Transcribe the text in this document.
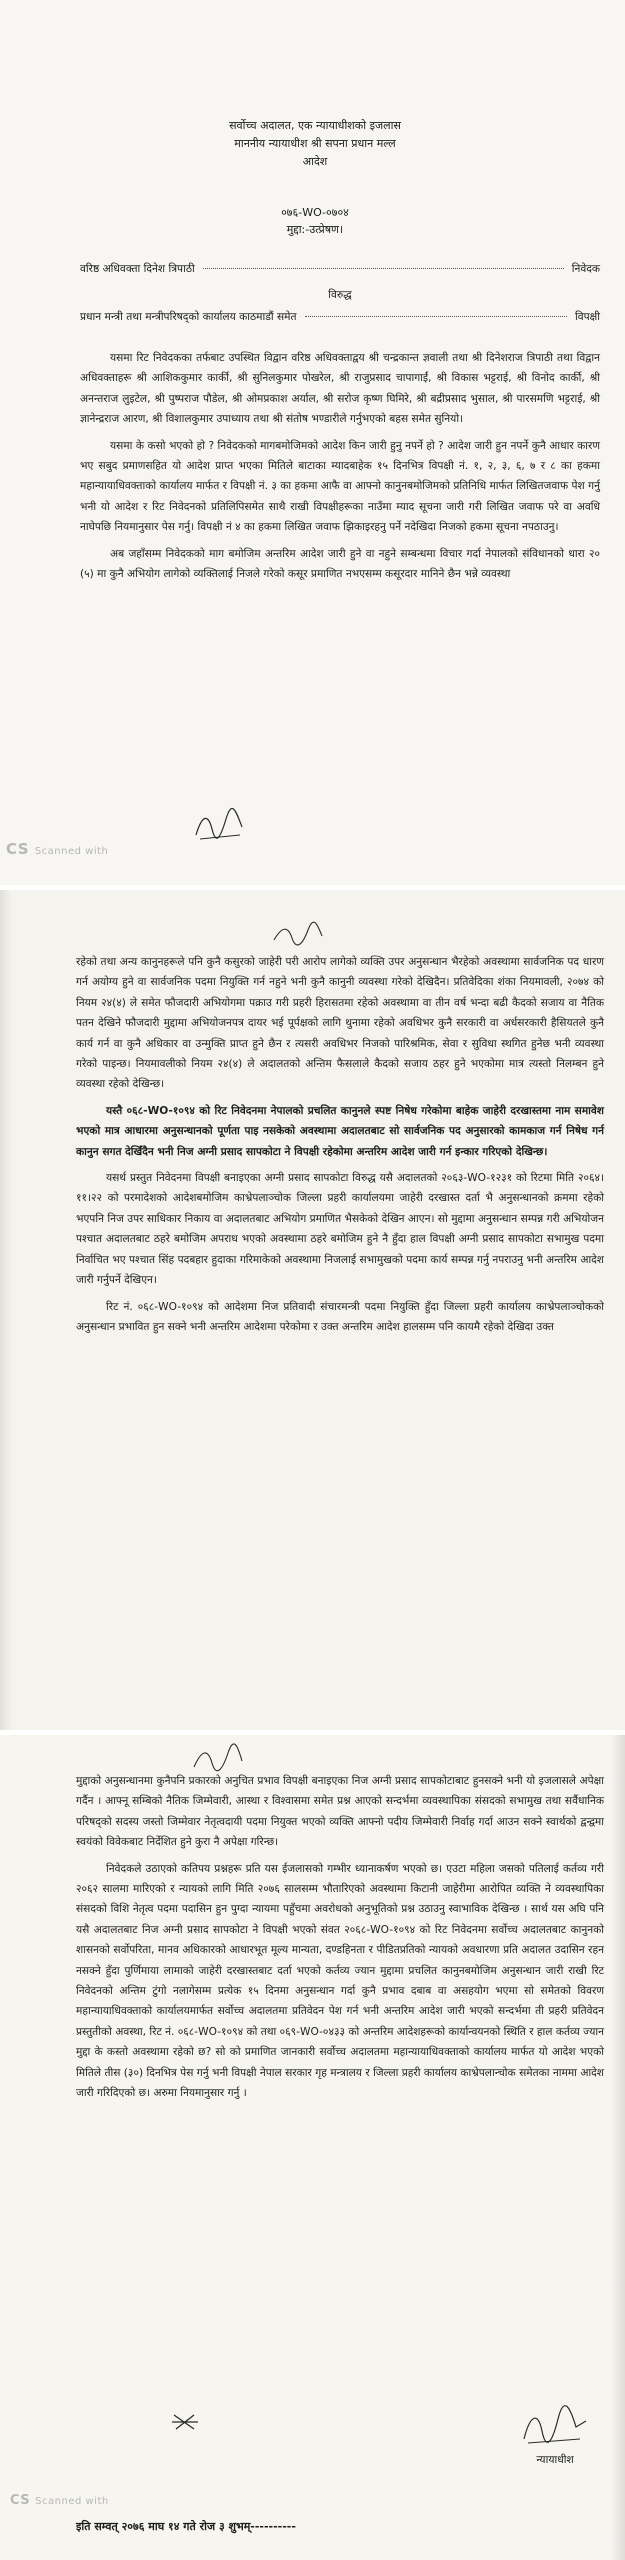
सर्वोच्च अदालत, एक न्यायाधीशको इजलास

माननीय न्यायाधीश श्री सपना प्रधान मल्ल

आदेश

०७६-WO-०७०४

मुद्दा:-उत्प्रेषण।

वरिष्ठ अधिवक्ता दिनेश त्रिपाठी	निवेदक
विरुद्ध
प्रधान मन्त्री तथा मन्त्रीपरिषद्को कार्यालय काठमाडौं समेत	विपक्षी

यसमा रिट निवेदकका तर्फबाट उपस्थित विद्वान वरिष्ठ अधिवक्ताद्वय श्री चन्द्रकान्त ज्ञवाली तथा श्री दिनेशराज त्रिपाठी तथा विद्वान अधिवक्ताहरू श्री आशिककुमार कार्की, श्री सुनिलकुमार पोखरेल, श्री राजुप्रसाद चापागाईं, श्री विकास भट्टराई, श्री विनोद कार्की, श्री अनन्तराज लुइटेल, श्री पुष्पराज पौडेल, श्री ओमप्रकाश अर्याल, श्री सरोज कृष्ण घिमिरे, श्री बद्रीप्रसाद भुसाल, श्री पारसमणि भट्टराई, श्री ज्ञानेन्द्रराज आरण, श्री विशालकुमार उपाध्याय तथा श्री संतोष भण्डारीले गर्नुभएको बहस समेत सुनियो।

यसमा के कसो भएको हो ? निवेदकको मागबमोजिमको आदेश किन जारी हुनु नपर्ने हो ? आदेश जारी हुन नपर्ने कुनै आधार कारण भए सबुद प्रमाणसहित यो आदेश प्राप्त भएका मितिले बाटाका म्यादबाहेक १५ दिनभित्र विपक्षी नं. १, २, ३, ६, ७ र ८ का हकमा महान्यायाधिवक्ताको कार्यालय मार्फत र विपक्षी नं. ३ का हकमा आफै वा आफ्नो कानुनबमोजिमको प्रतिनिधि मार्फत लिखितजवाफ पेश गर्नु भनी यो आदेश र रिट निवेदनको प्रतिलिपिसमेत साथै राखी विपक्षीहरूका नाउँमा म्याद सूचना जारी गरी लिखित जवाफ परे वा अवधि नाघेपछि नियमानुसार पेस गर्नु। विपक्षी नं ४ का हकमा लिखित जवाफ झिकाइरहनु पर्ने नदेखिदा निजको हकमा सूचना नपठाउनु।

अब जहाँसम्म निवेदकको माग बमोजिम अन्तरिम आदेश जारी हुने वा नहुने सम्बन्धमा विचार गर्दा नेपालको संविधानको धारा २० (५) मा कुनै अभियोग लागेको व्यक्तिलाई निजले गरेको कसूर प्रमाणित नभएसम्म कसूरदार मानिने छैन भन्ने व्यवस्था

CS Scanned with

रहेको तथा अन्य कानुनहरूले पनि कुनै कसुरको जाहेरी परी आरोप लागेको व्यक्ति उपर अनुसन्धान भैरहेको अवस्थामा सार्वजनिक पद धारण गर्न अयोग्य हुने वा सार्वजनिक पदमा नियुक्ति गर्न नहुने भनी कुनै कानुनी व्यवस्था गरेको देखिदैन। प्रतिवेदिका शंका नियमावली, २०७४ को नियम २४(४) ले समेत फौजदारी अभियोगमा पक्राउ गरी प्रहरी हिरासतमा रहेको अवस्थामा वा तीन वर्ष भन्दा बढी कैदको सजाय वा नैतिक पतन देखिने फौजदारी मुद्दामा अभियोजनपत्र दायर भई पूर्पक्षको लागि थुनामा रहेको अवधिभर कुनै सरकारी वा अर्धसरकारी हैसियतले कुनै कार्य गर्न वा कुनै अधिकार वा उन्मुक्ति प्राप्त हुने छैन र त्यसरी अवधिभर निजको पारिश्रमिक, सेवा र सुविधा स्थगित हुनेछ भनी व्यवस्था गरेको पाइन्छ। नियमावलीको नियम २४(४) ले अदालतको अन्तिम फैसलाले कैदको सजाय ठहर हुने भएकोमा मात्र त्यस्तो निलम्बन हुने व्यवस्था रहेको देखिन्छ।

यस्तै ०६८-WO-१०९४ को रिट निवेदनमा नेपालको प्रचलित कानुनले स्पष्ट निषेध गरेकोमा बाहेक जाहेरी दरखास्तमा नाम समावेश भएको मात्र आधारमा अनुसन्धानको पूर्णता पाइ नसकेको अवस्थामा अदालतबाट सो सार्वजनिक पद अनुसारको कामकाज गर्न निषेध गर्न कानुन सगत देखिँदैन भनी निज अग्नी प्रसाद सापकोटा ने विपक्षी रहेकोमा अन्तरिम आदेश जारी गर्न इन्कार गरिएको देखिन्छ।

यसर्थ प्रस्तुत निवेदनमा विपक्षी बनाइएका अग्नी प्रसाद सापकोटा विरुद्ध यसै अदालतको २०६३-WO-१२३१ को रिटमा मिति २०६४।११।२२ को परमादेशको आदेशबमोजिम काभ्रेपलाञ्चोक जिल्ला प्रहरी कार्यालयमा जाहेरी दरखास्त दर्ता भै अनुसन्धानको क्रममा रहेको भएपनि निज उपर साधिकार निकाय वा अदालतबाट अभियोग प्रमाणित भैसकेको देखिन आएन। सो मुद्दामा अनुसन्धान सम्पन्न गरी अभियोजन पश्चात अदालतबाट ठहरे बमोजिम अपराध भएको अवस्थामा ठहरे बमोजिम हुने नै हुँदा हाल विपक्षी अग्नी प्रसाद सापकोटा सभामुख पदमा निर्वाचित भए पश्चात सिंह पदबहार हुदाका गरिमाकेको अवस्थामा निजलाई सभामुखको पदमा कार्य सम्पन्न गर्नु नपराउनु भनी अन्तरिम आदेश जारी गर्नुपर्ने देखिएन।

रिट नं. ०६८-WO-१०९४ को आदेशमा निज प्रतिवादी संचारमन्त्री पदमा नियुक्ति हुँदा जिल्ला प्रहरी कार्यालय काभ्रेपलाञ्चोकको अनुसन्धान प्रभावित हुन सक्ने भनी अन्तरिम आदेशमा परेकोमा र उक्त अन्तरिम आदेश हालसम्म पनि कायमै रहेको देखिदा उक्त

मुद्दाको अनुसन्धानमा कुनैपनि प्रकारको अनुचित प्रभाव विपक्षी बनाइएका निज अग्नी प्रसाद सापकोटाबाट हुनसक्ने भनी यो इजलासले अपेक्षा गर्दैन । आफ्नू सम्बिको नैतिक जिम्मेवारी, आस्था र विश्वासमा समेत प्रश्न आएको सन्दर्भमा व्यवस्थापिका संसदको सभामुख तथा सर्वैधानिक परिषद्को सदस्य जस्तो जिम्मेवार नेतृत्वदायी पदमा नियुक्त भएको व्यक्ति आफ्नो पदीय जिम्मेवारी निर्वाह गर्दा आउन सक्ने स्वार्थको द्वन्द्वमा स्वयंको विवेकबाट निर्देशित हुने कुरा नै अपेक्षा गरिन्छ।

निवेदकले उठाएको कतिपय प्रश्नहरू प्रति यस ईजलासको गम्भीर ध्यानाकर्षण भएको छ। एउटा महिला जसको पतिलाई कर्तव्य गरी २०६२ सालमा मारिएको र न्यायको लागि मिति २०७६ सालसम्म भौतारिएको अवस्थामा किटानी जाहेरीमा आरोपित व्यक्ति ने व्यवस्थापिका संसदको विशि नेतृत्व पदमा पदासिन हुन पुग्दा न्यायमा पहुँचमा अवरोधको अनुभूतिको प्रश्न उठाउनु स्वाभाविक देखिन्छ । सार्थ यस अघि पनि यसै अदालतबाट निज अग्नी प्रसाद सापकोटा ने विपक्षी भएको संवत २०६८-WO-१०९४ को रिट निवेदनमा सर्वोच्च अदालतबाट कानुनको शासनको सर्वोपरिता, मानव अधिकारको आधारभूत मूल्य मान्यता, दण्डहिनता र पीडितप्रतिको न्यायको अवधारणा प्रति अदालत उदासिन रहन नसक्ने हुँदा पुर्णिमाया लामाको जाहेरी दरखास्तबाट दर्ता भएको कर्तव्य ज्यान मुद्दामा प्रचलित कानुनबमोजिम अनुसन्धान जारी राखी रिट निवेदनको अन्तिम टुंगो नलागेसम्म प्रत्येक १५ दिनमा अनुसन्धान गर्दा कुनै प्रभाव दबाब वा असहयोग भएमा सो समेतको विवरण महान्यायाधिवक्ताको कार्यालयमार्फत सर्वोच्च अदालतमा प्रतिवेदन पेश गर्न भनी अन्तरिम आदेश जारी भएको सन्दर्भमा ती प्रहरी प्रतिवेदन प्रस्तुतीको अवस्था, रिट नं. ०६८-WO-१०९४ को तथा ०६९-WO-०४३३ को अन्तरिम आदेशहरूको कार्यान्वयनको स्थिति र हाल कर्तव्य ज्यान मुद्दा के कस्तो अवस्थामा रहेको छ? सो को प्रमाणित जानकारी सर्वोच्च अदालतमा महान्यायाधिवक्ताको कार्यालय मार्फत यो आदेश भएको मितिले तीस (३०) दिनभित्र पेस गर्नु भनी विपक्षी नेपाल सरकार गृह मन्त्रालय र जिल्ला प्रहरी कार्यालय काभ्रेपलान्चोक समेतका नाममा आदेश जारी गरिदिएको छ। अरुमा नियमानुसार गर्नु ।

न्यायाधीश
CS Scanned with
इति सम्वत् २०७६ माघ १४ गते रोज ३ शुभम्----------
